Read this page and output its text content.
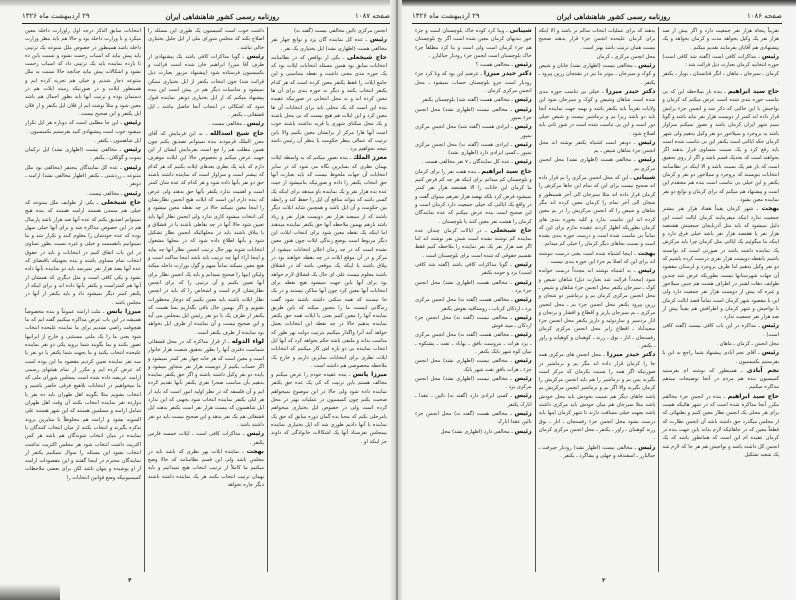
صفحه ۱۰۸۷
روزنامه رسمی کشور شاهنشاهی ایران
۲۹ اردیبهشت ماه ۱۳۲۶
انجمن مرکزی نائین مخالفی نیست (گفته نه)
رئیس ـ عده کل نماینده گان یزد و توابع چهار نفر مخالفی هست (اظهاری نشد) ایل بختیاری یک نفر .
حاج شیخعلی ـ یکی از نواقص که در نظامنامه انتخابات سابق بود همین مسئله انتخابات ایلات بود که یک حوزه بندی معنی داشت و نقطه متناسبی و این جامع ایلات را فقط یکنفر معین کرده است که هر کدام یکنفر انتخاب بکنند و دیگر نه حوزه بندی برای آن ها معین کرده اند و نه محل انتخابی در صورتیکه عقیده بنده این است که یک محلی باید برای انتخابات آن ها معین کرد و این ایلات هم هیچ نیست که بی محل باشند و یک محل سکنای شهری یا قریه نداشته باشند خوب است آنها هارا مرکز از برایشان معین بکنیم والا باین ترتیب که عمالی بنظر حکومت یا بنظر آن رئیس باشد نتیجه نخواهیم برد .
معزز الملك ـ بنده تصور میکنم که به واسطه ایلات بهمان نظری که بسایرین نگاه می شود که در سایر انتخابات آن جهات ملحوظ نیست که باید بعبارت آنها حق انتخاب یکنفر را داده و صورتیکه بنامیشود از حیث عده بده هزار نفر و یک نماینده باو میدهد برای اینکه یک کسی باشد که بتواند منافع آن ایل را حفظ کند و رابطه بین حکومت و آن ایل باشد و همچنین شاید ایلات دیگر باشند که از سیصد هزار نفر دویست هزار نفر و زیاد باشد بازهم بهمین ملاحظه آنها حق یکنفر نماینده میدهند اما اینکه یک نقطه معین شود برای انتخاب ایلات این دیگر مربوط است بوضع زندگی ایلات چون هنوز معین نشده است که در چه زمان اعلان انتخابات میشود از مرکز و در آن موقع ایلات در چه نقطه خواهند بود در ییلاق باشند یا اینکه یک موقعی باشد که در قشلاق باشند معلوم نیست علی ای حال یک قشلاق لازم خواهد بود برای آنها باین جهت نمیشود هیچ نقطه برای انتخابات آنها معین کرد چون آنها ساکن نیستند و در یک جا نیستند که همه سکنی داشته باشند شود گفت زندگانی اینست ما را مجبور میکند که باین طریق نماینده آنها را معین کنیم یعنی با ایلات همه حق یکنفر نماینده بدهیم حالا در چه نقطه این انتخابات بعمل خواهد آمد آنرا واگذار میکنیم بترتیب دولت بهر طور که مناسب بداند و ملتفی باشد حکم بخواهد کرد که آنها ایل انتخاب نماینده بی دو باره اش کار میکنیم که انتخابات ایلات نظری برای انتخابات سایرین داریم و خارج یک ملاحظه مخصوصی هم داشته است .
میرزا یانس ـ بنده عقیده خودم را عرض میکنم و مخالف هستم باین ترتیب که کی یک عده حق یکنفر نماینده داده شود ولی حالا در این موضوع نمیخواهم صحبت بکنم چون کمیسیون در عملیات بهتر در محل کرده است ولی در خصوص ایل بختیاری میخواهم بامرحلی بکنم که محبا بده گمان دوره سابق که حق یک نماینده با آنها دادیم طوری شد که ایل بختیاری نماینده بیمجلس نفرستاد آنها یک اشکالات خانوادگی که داوند جز اینکه او .
داشت خوب است کمیسیون یک طوری این مسئله را اصلاح بکند که مجلس شورای ملی از ایل جلیل بختیاری خالی نباشد .
رئیس ـ گویا مذاکرات کافی باشد یک پیشنهادی از طرف آقا میرزا ابراهیم خان شده است قرائت و بکمیسیون فرستاده شود (پیشنهاد مزبور بعبارت ذیل قرائت شد) چون انتخاب یکنفر از ایل بختیاری ممکن نمیشود و مناسبات دیگر هم در پیش است این بنده پیشنهاد میکنم که از ایل بختیاری دونفر نماینده قبول شود که اشکالی در انتخاب آنجا حاصل نباشد ـ ایل قشقائی ـ یکنفر .
رئیس ـ مخالفی نیست .
حاج شیخ اسدالله ـ به این فرمایش که آقای معزز الملک فرمودند بنده نمیتوانم تصدیق بکنم چون همین مطلب هم را جع است بفرمایش ایشان از این جهت عرض میکنم و بخصوص حالا این ایلات موهرف دارم که باید یک نظری بعدهای ایلات بکنیم که هر کدام که بیشتر است و سزاوار است که نماینده داشته باشند حق دو نفر بآنها داده شود و هر کدام که عده شان کمتر است و اهمیت ندارد یکنفر بآنها حق بدهند ولی عرض که بنده دارم این است که ایلات هیچ انجمن نظارتشان را اینجا معین نمیکند حالا در چه نقطه معین میشود و کی انتخاب میشود کاری ندارد ولی انجمن نظار آنها باید تعیین شود حالا آنها در چه نقاطی باشند یا در قشلاق و یا ییلاق باشند باید در محلهائیکه انجمن نظار تشکیل شود و بآنها اطلاع داده شود که در محلها مشغول انتخابات شوند بهر حال ترتیب انجمن نظار آنها چه بیاید و اینجا آراء آنها چه ترتیب باید باشد اینجا ساکت است و هیچ معین نمیکند تماماً مبهم و گول بوزارت داخله میکند ولیکن اینها را صحیح نمیدانم و باید یک انجمن نظار برای آنها تعیین بکنیم و آن ترتیبی را که برای انجمن نظارتشان لازم است و اشخاص را که باید در انجمن نظار ایلات باشند باید معین بکنیم که دوچار محظورات نشویم و اگر بهمین حال باقی بگذاریم بسا هست که یکنفر از طرف یک یا دو نفر رئیس ایل بمجلس می آید و این صحیح نیست و آن نماینده از طرف ایل نخواهد بود نماینده از طرف یکنفر است .
لواء الدوله ـ از قرار مذاکره که در محل قشقائی شماست دفتری آنها را بطور تحقیق شصت هزار خانوار است و معین است که هر خانه چهار نفر کمتر نمیشود و اگر حساب بکنیم از دویست هزار نفر متجاوز میشود و بایده دو نفر وکیل داشته باشند و اگر حق یکنفر نماینده بدهیم بآن مناسب صحرا نفری یکنفر بآنها تقدیم کرده ایم و آن فلسفه که در نظر اولیه امور است که باید از هر ایلی یکنفر نماینده انتخاب شود بجهتی که این ندارد ایل شاهسون که بیست هزار نفر است یکنفر بدهند ایل قشقائی هم یک نفر بدهد و این صحیح نیست باید دو نفر داشته باشد .
رئیس ـ مذاکرات کافی است ـ ایلات خمسه فارس یکنفر .
بهجت ـ نماینده ایلات بهر نظری که باشد باید در مجلس باشد ولی این قسم نظامنامه که حالا وضع میکنیم ما کاملاً از ترتیب انتخاب هیچ نمیدانیم و باید بهمان ترتیب انتخاب بکنند هر یک نماینده داشته باشند دیگر چاره نخواهد
انتخابات سابق الذکر درجه اول راوزارت داخله معین میکرد و با وزارت داخله بود و حالا هم باید بنظر وزارت داخله باشد همینطور در خصوص ملل متنوعه یک ترتیبی باید پیش بیاید که اسباب زحمت نشود و نسبت باین ده تا یازده نماینده باید یک ترتیبی داد که اسباب زحمت نشود و اشکالات پیش بیاید چنانچه حالا نسبت به ملل متنوعه دچار شدیم و خیلی هم تجربه کرده ایم و همینطور ایلات و در صورتیکه زمینه ایلات هم در دستمان بوده و ترتیب آنها باید بطور اجمال هم باشد معین شود و مثلاً نوشته ایم از فلان ایل یکنفر و از فلان ایل یکنفر و این صحیح نیست .
رئیس ـ این جا مطلبی است که دوباره هر ایل تکرار میشود خوب است پیشنهادی کنید بفرستیم بکمیسیون .
ایل شاهسون ـ یکنفر .
رئیس ـ مخالفی نیست (اظهاری نشد) ایل ترکمان یموت و گوکلان ـ یکنفر .
رئیس ـ عده کل نمایندگان پنجنفر (مخالفی بود ملل متنوعه ـ زردشتی ـ یکنفر (اظهار مخالفی نشد) ارامنه ـ دونفر .
رئیس ـ مخالفی نیست .
حاج شیخعلی ـ یکی از طوایف ملل متنوعه که خیلی هم متمدن هستند ارامنه هستند که بنده هیچ نمیتوانم اصدیق بکنم که عده آنها صد هزار باشد پارسال هم در این خصوص مذاکره شد و برای آنها خیلی سهل بوده که عده خودشان را معلوم کنند و تکرار شد و ما نمیتوانیم بانقسمت و خیلی و غیره نسبت بطور تساوی در این باب اتفاق کنیم در انتخابات و باید در حقوق انتخاب تمام مساوی باشند و بنده بجهتیکه باقتضای که عده آنها بصد هزار نفر نمیرسد باید دو نماینده بآنها داده نشود و یکی کافی است و مثل دیگری که همشان از آنها هم کمتراست و یکنفر بآنها داده اند و برای اینکه از یکنفر کمتر دیگر نمیشود داد و باید یکنفر از آنها در مجلس باشد .
میرزا یانس ـ ملت ارامنه عموماً و بنده مخصوصاً همیشه در این باب عرض مذاکره میکنیم گفته ایم که ما هیچوقت راضی نشدیم برای ما نماینده علیحده انتخاب شود یعنی ما را یک ملتی مستثنی و خارج از ایرانیها تصور بکنند و بما بگویند شما بروید یکی دو نفر نماینده علیحده انتخاب بکنید و ما بجهت شما یکنفر یا دو نفر یا سه نفر نماینده تعیین کردیم مقصود ما این بوده است که عرض کرده ایم و مکرر از تمام هیئتهای رسمی ارامنه عریضه داده شده است بمجلس شورای ملی که ما میخواهیم در انتخابات بلاهیچ فرقی حاضر باشیم و انتخاب بشویم مثلا بگویند اهل طهران باید ده نفر یا دوازده نفر نماینده انتخاب بکنند آن وقت اهل طهران شامل ارامنه و مسلمین هستند که این شهر هستند علی السویه بشود و ارامنه هم مخلوطاً با سایرین بروند تذکره بگیرند و انتخاب بکنند از میان انتخاب کنندگان یا نماینده در میان انتخاب شوندگان هم باشد هر کس اکثریت داشت انتخاب شود هر مجلس اکثریت نداشت انتخاب نشود این مسئله را سوال نمیکنیم یکنفر از نمایندگان محترم در اینجا گفتند و این مقصودات ارامنه از او پوشیده و پنهان باشد لکن برای بعضی ملاحظات کمیسیونیکه وضع قوانین انتخابات را
۴
صفحه ۱۰۸۶
روزنامه رسمی کشور شاهنشاهی ایران
۲۹ اردیبهشت ماه ۱۳۲۶
تقریباً پنجاه هزار نفر جمعیت دارد و اگر بیش از صد هزار نفر یک وکیل بخواهد مدت و کرمان بخواهد و یک پیشنهادی هم آقایان بفرمایند تقدیم میکنم .
رئیس ـ مذاکرات کافی است (گفته شد کافی است) حوزه انتخابیه کرمان بعبارت ذیل قرائت شد :
کرمان ـ سیرجان ـ ماهان ـ انگر قناتستان ـ بویاز ـ یکنفر .
حاج سید ابراهیم ـ بنده باز بملاحظه این که بی تناسب حوزه بندی شده است عرض میکنم که کرمان و نواحیش با این حالتی که ذکر شد و انجمن جزء برایش قرار داده اند کمتر از دویست هزار نفر نباید باشد و گویا سیم شهر ایران کرمان باشد و تصور نمیکنم سزاوار باشد به بروجرد و سیلاخور دو نفر وکیل بدهیم ولی شهر کرمان حکه ایالتی است یکنفر این بی تناسب شده است باید رفع کرد و یک نسبت متساوی قرار بدهند اگر بخواهند است که بحدیک قسم باشد و اگر از روی تحقیق است که باز هم یک نسبت باشد و الا اینکه در نظامنامه انتخابات بنویسند که بروجرد و سیلاخور دو نفر و کرمان یکنفر و این خیلی بی تناسب است بنده هم معتقدم این است و پیشنهاد هم میکنم که برای کرمان و توابع دو نفر نماینده معین بشود .
بهجت ـ شهر کرمان یقیناً هفتاد هزار نفر بیشتر جمعیت ندارد اینکه میفرمایند کرمان ایالت است این دلیل نمیشود که باید مثل آذربایجان جمعیتش هشتصد هزار نفر یا هفتصد هزار نفر باشد خیلی فرق دارد و اینکه ما میگوئیم یک ایالتی مثل کرمان چرا باید مرکزش یک نماینده داشته باشد در صورتی است که توانسته باشیم بانقطه دویست هزار نفری درست کرده باشیم که دو نفر وکیل بدهیم اما طرف بروجرد و لرستان مقصود آن جهات شهرستانها نیست بطوریکه عرض شد چندین طوایف دهات لشتر در اطراف هست هم چنین سیلاخور و غیره که بیش از دویست هزار نفر جمعیت دارد ولی این با مقصود شهر کرمان است تماماً قصد ایالت کرمان با نواحیش و شهر کرمان و اطرافش هم یقیناً بیش از صد هزار نفر جمعیت ندارد .
رئیس ـ مذاکره در این باب کافی نیست (گفته کافی است) .
محل انجمن ـ کرمان ـ ماهان .
رئیس ـ آقای نجم آبادی پیشنهاد شما راجع به این یا بفرستیم بکمیسیون .
نجم آبادی ـ همینطور که نوشته ام بفرستید کمیسیون بنده هم مردم در آنجا توضیحات میدهم مذاکره میکنیم .
حاج سید ابراهیم ـ بنده در انجمن جزء مخالفم مکرر آنجا مذاکره شده است که در شهر هائیکه هست برای هر محلی یک انجمن نظار معین کنیم و بطنهائی که از مجلس میگذرد حق داشته باشد آن انجمن نظارت که قطعاً معین که در جاهائیکه لازم بداند باین جهت بنده در کرمان عقیده ام این است که همانطور باشد که یک انجمن کل داشته باشد و نواحیش هم هر جا که لازم شد یک شعبه تشکیل
بدهند که برای عملیات انتخاب سالم تر باشد و الا اینکه برای کرمان علیحده انجمن جزء قرار بدهند صحیح نیست همان ترتیب باشد بهتر است .
محل انجمن مرکزی ـ کرمان
رئیس ـ مخالفی نیست (اظهاری نشد) خانان و شیص و کوک و سیرجان ـ بیوتر ما نیز در نشتجان زرین پیرود ـ یکنفر .
دکتر حیدر میرزا ـ خیلی بی تناسب حوزه بندی شده است شاهان وشیص و کوک و سیرجان شود این ولایات تقریباً باید یکنفر باشد و بهمه جهت نماینده آنجا باید دو باشد زیرا بم و نرماشیر نیست و شیص خیلی دور است و این بی تناسب شده است در شور ثانی باید اصلاح شود .
رئیس ـ دوتفر است اشتباه یکنفر نوشته اند محل انجمن جزء شاهان شیص ـ بم
رئیس ـ مخالفی هست (اظهاری نشد) محل انجمن مرکزی بم
شیبانی ـ این که محل انجمن مرکزی را بم قرار داده اند صحیح نیست برای این که تمام این جاها مرکزش را کرمان قرار داده اند مثلا سیرجان الی آخر همینطور و شجان الی آخر تمام را کرمان معین کرده اند مگر شاهان و شیص را که انجمن مرکزیش را در بم معین کرده اند این تناسب ندارد و کلیه بحوزه بندی های کرمان بطوریکه اظهار کردند عقیده ندارم برای این که تماماً بی تناسب شده است و درست حوزه بندی نشده است و نسبت بجاهای دیگر کرمان را خیلی کم میدانم .
بهجت ـ اینجا اشتباه شده است یعنی درست ننوشته اند برای این که اصلا بم جزء این حوزه بندی نیست .
رئیس ـ به اشتباه نوشته اند مجدداً درست خوانده شود (مجدداً قرائت شد بعبارت ذیل) شاهان شیص و کوک ـ سیرجان یکنفر محل انجمن جزء شاهان و شیص ـ محل انجمن مرکزی کرمان بم و نرماشیر دو شجان و زرین پیرود یکنفر محل انجمن جزء بم ـ محل انجمن مرکزی ـ بم سیرجان پاریز و اقطاع و افشار و برنجان و انار بردسیر و ساردوئیه و داربز یکنفر محل انجمن جزء سعیدآباد ـ اقطاع رابر محل انجمن مرکزی کرمان رفسنجان ـ انار ـ نوق ـ زرند ـ کوهبنان و کوهپایه و راور ـ یکنفر .
دکتر حیدر میرزا ـ محل انجمن های مرکزی همه جا را کرمان قرار داده اند مگر بم و نرماشیر در صورتیکه اگر همه را نسبت بکرمان که مرکز است بگیرند پس بم و نرماشیر را هم باید انجمن مرکزیش را کرمان بگیرند والا اگر بم و نرماشیر انجمن مرکزیش بم باشد جاهای دیگر هم نسبت بخودش باید محل خودش باشد مثلا سیرجان هم میان خودش باید مرکزی داشته باشد بجهت خیلی مسافت دارند تا شهر کرمان اینها باید درست بشود محل انجمن جزء رفسنجان ـ انار ـ نوق زرند کوهبنان ـ راور ـ یکنفر ـ محل انجمن مرکزی کرمان .
رئیس ـ مخالفی نیست (اظهار نشد) رودبار جیرفت ـ جبالبارز ـ اسفندقه و جهلی و بشاگرد ـ یکنفر .
شیبانی ـ وبنا کرد کوده خاک بلوچستان است و جزء حوز بندیهای کرمان معین شده است اگر بخ بلوچستان هم جزء کرمان است ولی است و بنا کرد مطلقاً جزء خاک بلوچستان است انجمن جزء رودبار جبالبارز .
رئیس ـ مخالفی هست ؟
دکتر حیدر میرزا ـ عرضم این بود که ونا کرد جزء رودبار است جزو بلوچستان حساب نمیشود ـ محل انجمن مرکزی کرمان .
رئیس ـ مخالفی هست (گفته شد) بلوچستان یکنفر
رئیس ـ مخالفی نیست (اظهاری نشد) محل انجمن جزء بمپور
رئیس ـ ایرادی هست (گفته شد) محل انجمن مرکزی بمپور
رئیس ـ ایرادی هست (گفته نه) محل انجمن مرکزی بمپور ـ کسی ایرادی دارد (اظهاری نشد)
رئیس ـ عده کل نمایندگان ـ ۷ نفر مخالفی هست .
حاج سید ابراهیم ـ بنده هفت نفر را برای کرمان و بلوچستان کم میدانم برای اینکه هر چه کم فرض کنیم ما کرمان این خانات را الا هشتصد هزار نفر کمتر نمیشود فرض کرد بلکه نهصد هزار نفرهم میتوان گفت و در واقع یک ایالتی که خیلی جمعیت دارد کرمان است و این صحیح است بنده عرض میکنم که عده نمایندگان کرمان را هشت نفر معین کنند یا بلوچستان .
حاج شیخعلی ـ در ایالات کرمان چندان عده نماینده کم نوشته نشده است شش نفر نوشته اند اما اگر صد هزار نفر یک نفر نماینده را ملاحظه کنیم فقط تقسیم حقوقی که شده است برای بلوچستان است .
رئیس ـ گویا مذاکرات کافی باشد (گفته شد کافی است) یزد و حومه یکنفر
رئیس ـ مخالفی هست (اظهاری نشد) محل انجمن جزء یزد .
رئیس ـ مخالفی هست (گفته نه) محل انجمن مرکزی یزد ـ اردکان کرباب ـ روستاقیه بفوش یکنفر
رئیس ـ مخالفی نیست (گفته نه) محل انجمن جزء اردکان ـ میبد فوش
رئیس ـ مخالفی هست (گفته نه) محل انجمن مرکزی ـ یزد هرات ـ مروست بافق ـ بهاباد ـ تفت ـ پشتکوه ـ میان کوه شهر بابک یکنفر .
رئیس ـ مخالفی نیست (اظهاری نشد) محل انجمن جزء ـ هرات بافق تفت شهر بابک
رئیس ـ مخالفی نیست (اظهاری نشد) محل انجمن مرکزی یزد .
رئیس ـ کسی ایرادی دارد (گفته نه) نائین ـ عقدا ـ انارک یکنفر
رئیس ـ مخالفی هست (گفته نه) محل انجمن جزء نائین عقدا انارک
رئیس ـ مخالفی دارد (اظهاری نشد) محل
۲
